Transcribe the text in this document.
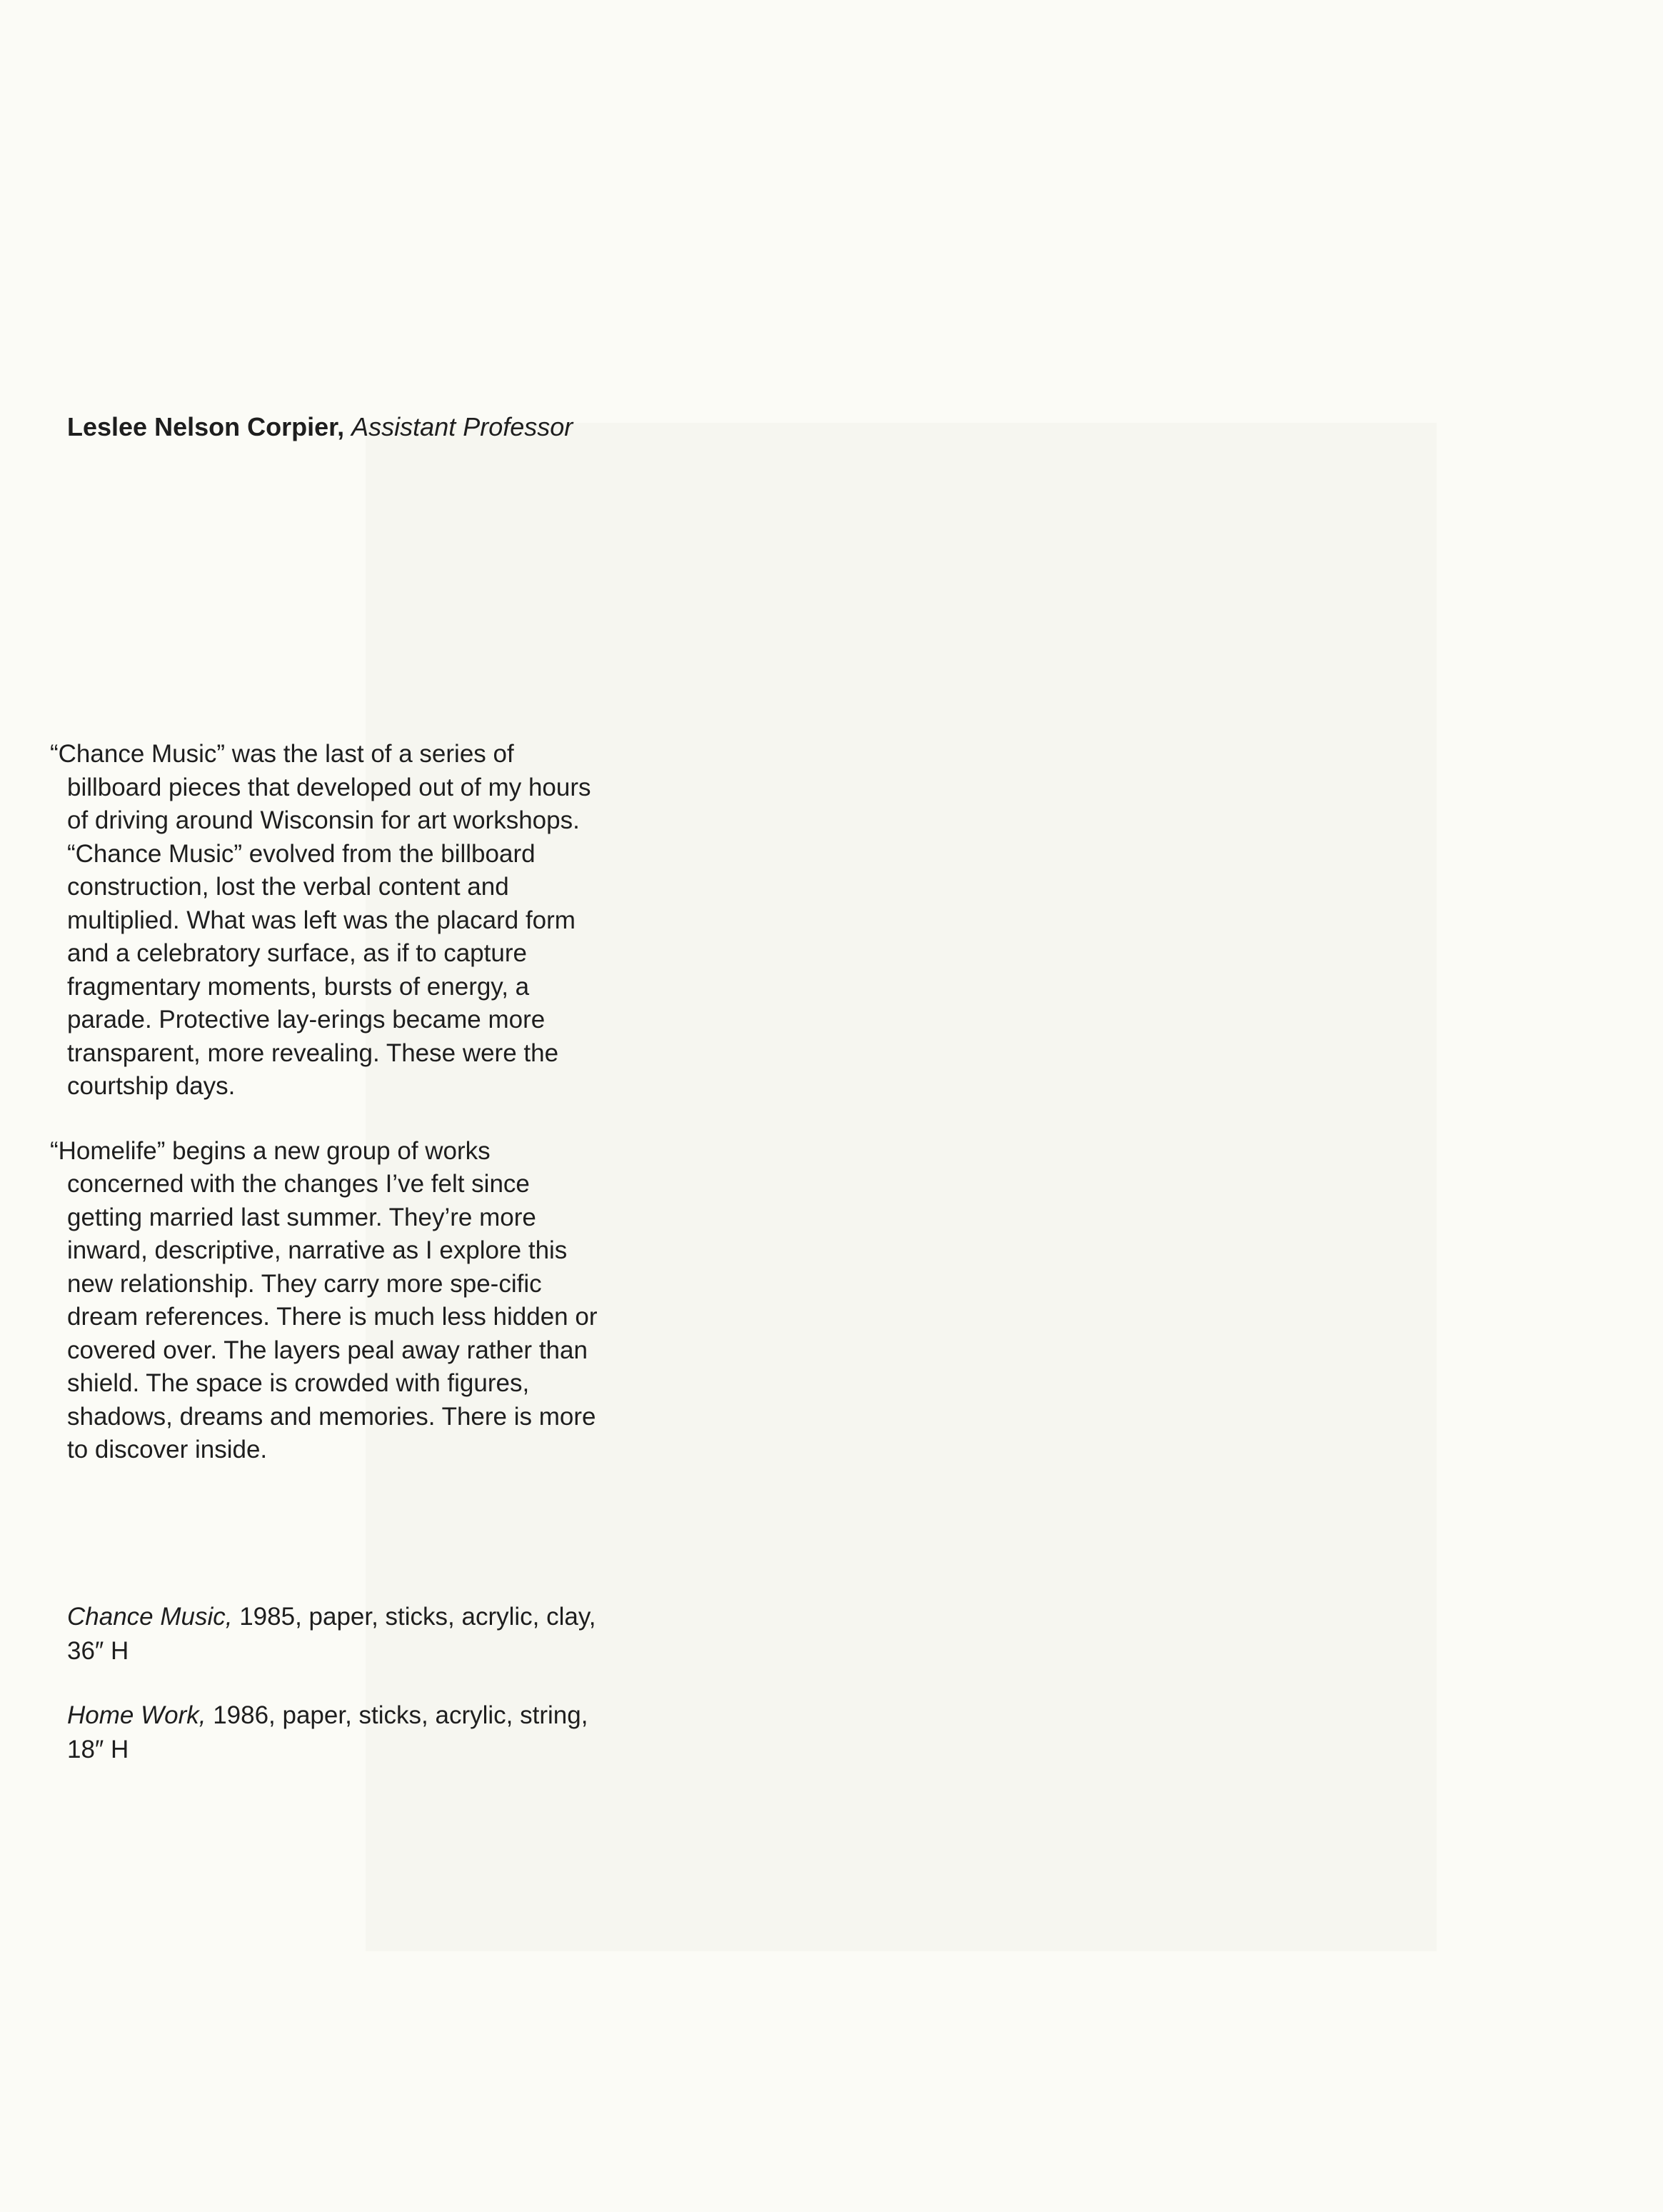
Leslee Nelson Corpier, Assistant Professor

“Chance Music” was the last of a series of billboard pieces that developed out of my hours of driving around Wisconsin for art workshops. “Chance Music” evolved from the billboard construction, lost the verbal content and multiplied. What was left was the placard form and a celebratory surface, as if to capture fragmentary moments, bursts of energy, a parade. Protective lay-erings became more transparent, more revealing. These were the courtship days.

“Homelife” begins a new group of works concerned with the changes I’ve felt since getting married last summer. They’re more inward, descriptive, narrative as I explore this new relationship. They carry more spe-cific dream references. There is much less hidden or covered over. The layers peal away rather than shield. The space is crowded with figures, shadows, dreams and memories. There is more to discover inside.

Chance Music, 1985, paper, sticks, acrylic, clay, 36″ H

Home Work, 1986, paper, sticks, acrylic, string, 18″ H
